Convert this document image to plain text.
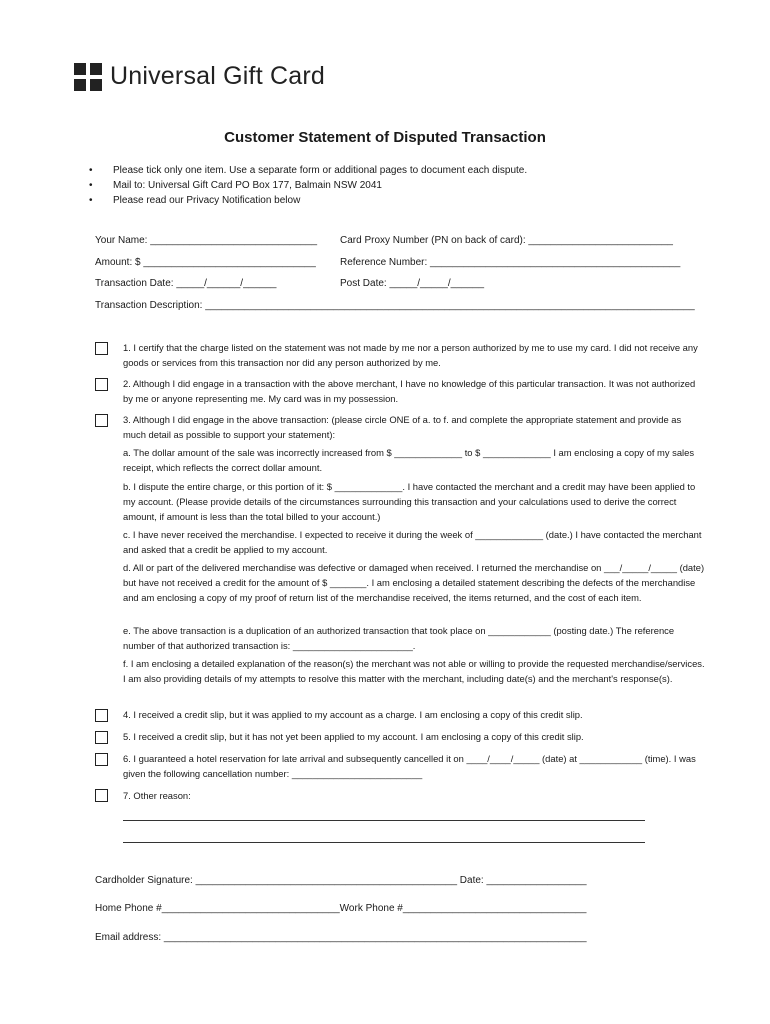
Universal Gift Card
Customer Statement of Disputed Transaction
• Please tick only one item. Use a separate form or additional pages to document each dispute.
• Mail to: Universal Gift Card PO Box 177, Balmain NSW 2041
• Please read our Privacy Notification below
Your Name: ______________________________ Card Proxy Number (PN on back of card): __________________________
Amount: $ _______________________________ Reference Number: _____________________________________________
Transaction Date: _____/______/______	Post Date: _____/_____/______
Transaction Description: ________________________________________________________________________________________
1. I certify that the charge listed on the statement was not made by me nor a person authorized by me to use my card. I did not receive any goods or services from this transaction nor did any person authorized by me.
2. Although I did engage in a transaction with the above merchant, I have no knowledge of this particular transaction. It was not authorized by me or anyone representing me. My card was in my possession.
3. Although I did engage in the above transaction: (please circle ONE of a. to f. and complete the appropriate statement and provide as much detail as possible to support your statement):
a. The dollar amount of the sale was incorrectly increased from $ _____________ to $ _____________ I am enclosing a copy of my sales receipt, which reflects the correct dollar amount.
b. I dispute the entire charge, or this portion of it: $ _____________. I have contacted the merchant and a credit may have been applied to my account. (Please provide details of the circumstances surrounding this transaction and your calculations used to derive the correct amount, if amount is less than the total billed to your account.)
c. I have never received the merchandise. I expected to receive it during the week of _____________ (date.) I have contacted the merchant and asked that a credit be applied to my account.
d. All or part of the delivered merchandise was defective or damaged when received. I returned the merchandise on ___/_____/_____ (date) but have not received a credit for the amount of $ _______. I am enclosing a detailed statement describing the defects of the merchandise and am enclosing a copy of my proof of return list of the merchandise received, the items returned, and the cost of each item.
e. The above transaction is a duplication of an authorized transaction that took place on ____________ (posting date.) The reference number of that authorized transaction is: _______________________.
f. I am enclosing a detailed explanation of the reason(s) the merchant was not able or willing to provide the requested merchandise/services. I am also providing details of my attempts to resolve this matter with the merchant, including date(s) and the merchant's response(s).
4. I received a credit slip, but it was applied to my account as a charge. I am enclosing a copy of this credit slip.
5. I received a credit slip, but it has not yet been applied to my account. I am enclosing a copy of this credit slip.
6. I guaranteed a hotel reservation for late arrival and subsequently cancelled it on ____/____/_____ (date) at ____________ (time). I was given the following cancellation number: _________________________
7. Other reason:
Cardholder Signature: _______________________________________________ Date: __________________
Home Phone #________________________________Work Phone #_________________________________
Email address: ____________________________________________________________________________
